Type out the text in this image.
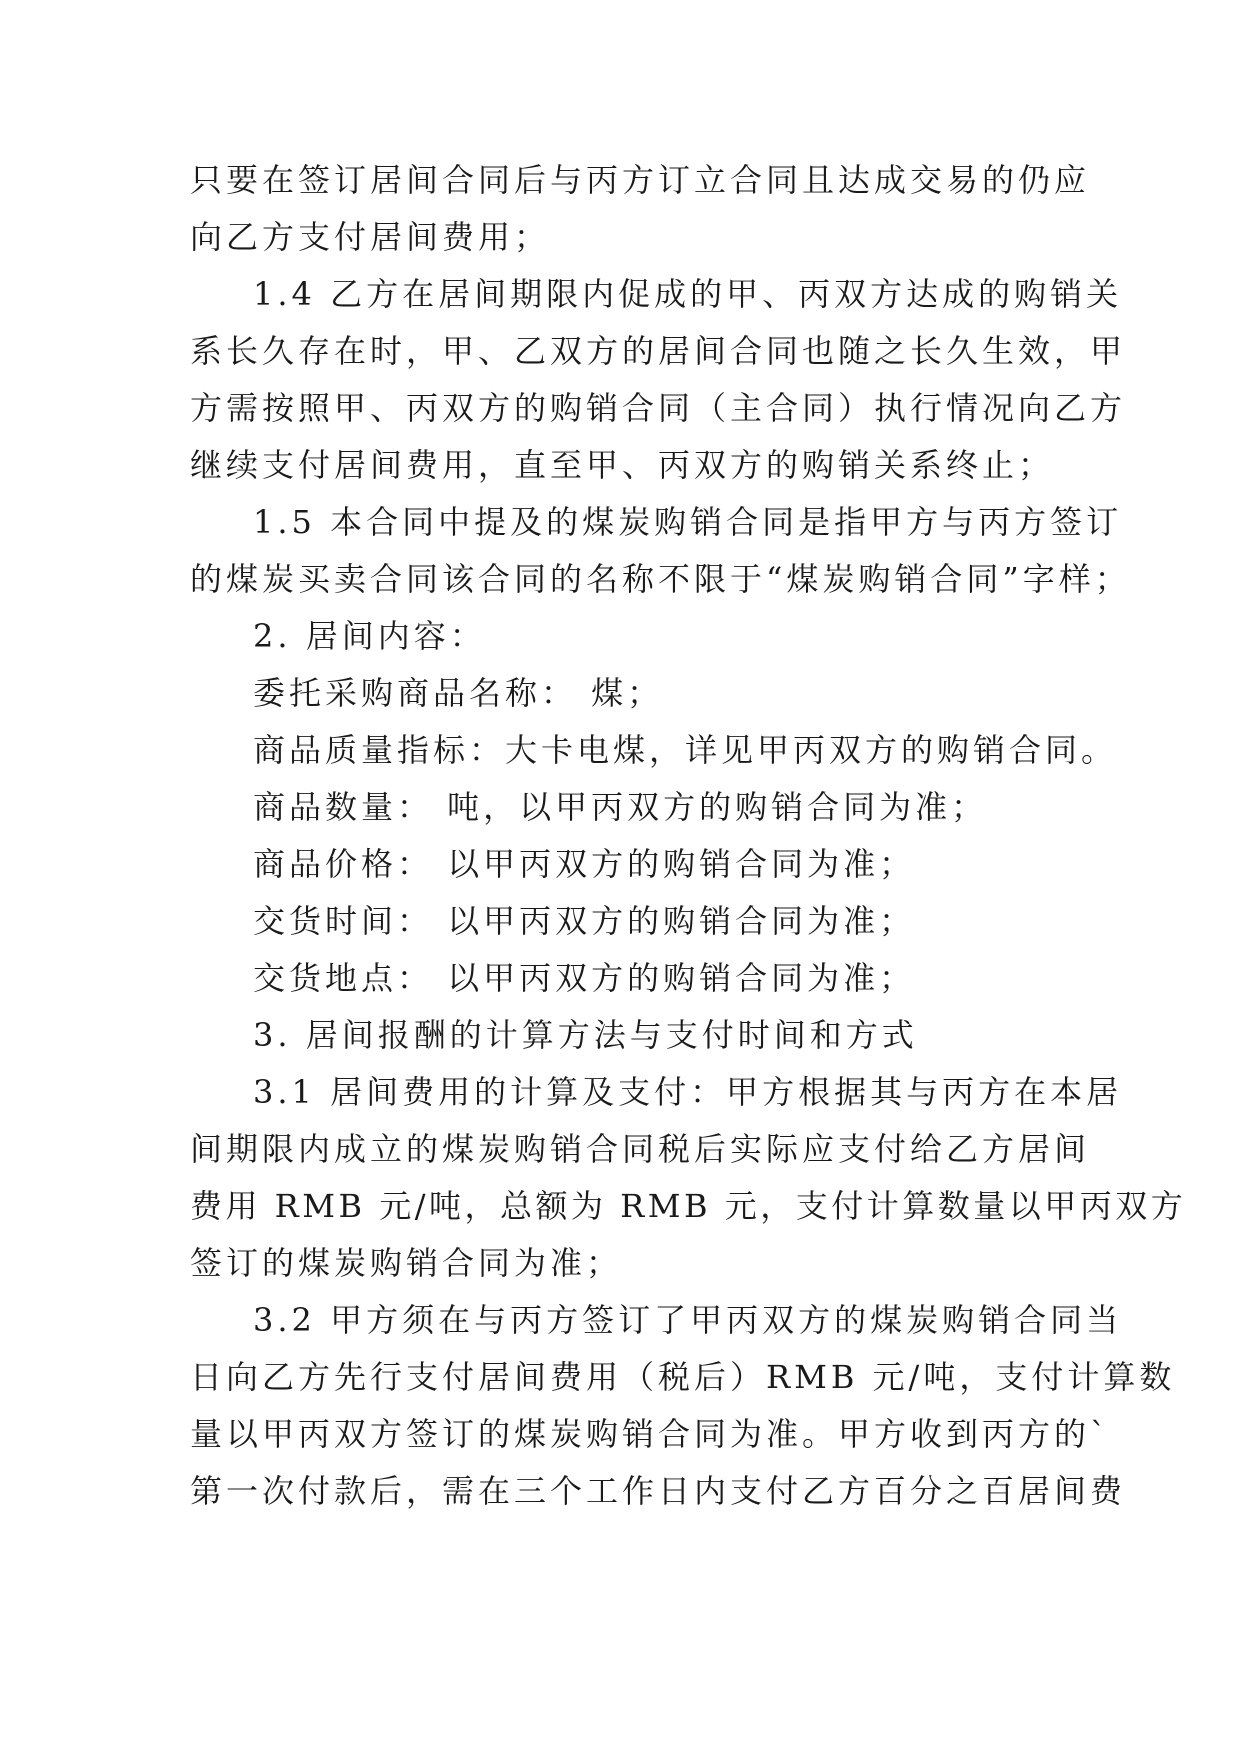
只要在签订居间合同后与丙方订立合同且达成交易的仍应
向乙方支付居间费用；
1.4 乙方在居间期限内促成的甲、丙双方达成的购销关
系长久存在时，甲、乙双方的居间合同也随之长久生效，甲
方需按照甲、丙双方的购销合同（主合同）执行情况向乙方
继续支付居间费用，直至甲、丙双方的购销关系终止；
1.5 本合同中提及的煤炭购销合同是指甲方与丙方签订
的煤炭买卖合同该合同的名称不限于“煤炭购销合同”字样；
2. 居间内容：
委托采购商品名称： 煤；
商品质量指标：大卡电煤，详见甲丙双方的购销合同。
商品数量： 吨，以甲丙双方的购销合同为准；
商品价格： 以甲丙双方的购销合同为准；
交货时间： 以甲丙双方的购销合同为准；
交货地点： 以甲丙双方的购销合同为准；
3. 居间报酬的计算方法与支付时间和方式
3.1 居间费用的计算及支付：甲方根据其与丙方在本居
间期限内成立的煤炭购销合同税后实际应支付给乙方居间
费用 RMB 元/吨，总额为 RMB 元，支付计算数量以甲丙双方
签订的煤炭购销合同为准；
3.2 甲方须在与丙方签订了甲丙双方的煤炭购销合同当
日向乙方先行支付居间费用（税后）RMB 元/吨，支付计算数
量以甲丙双方签订的煤炭购销合同为准。甲方收到丙方的`
第一次付款后，需在三个工作日内支付乙方百分之百居间费
